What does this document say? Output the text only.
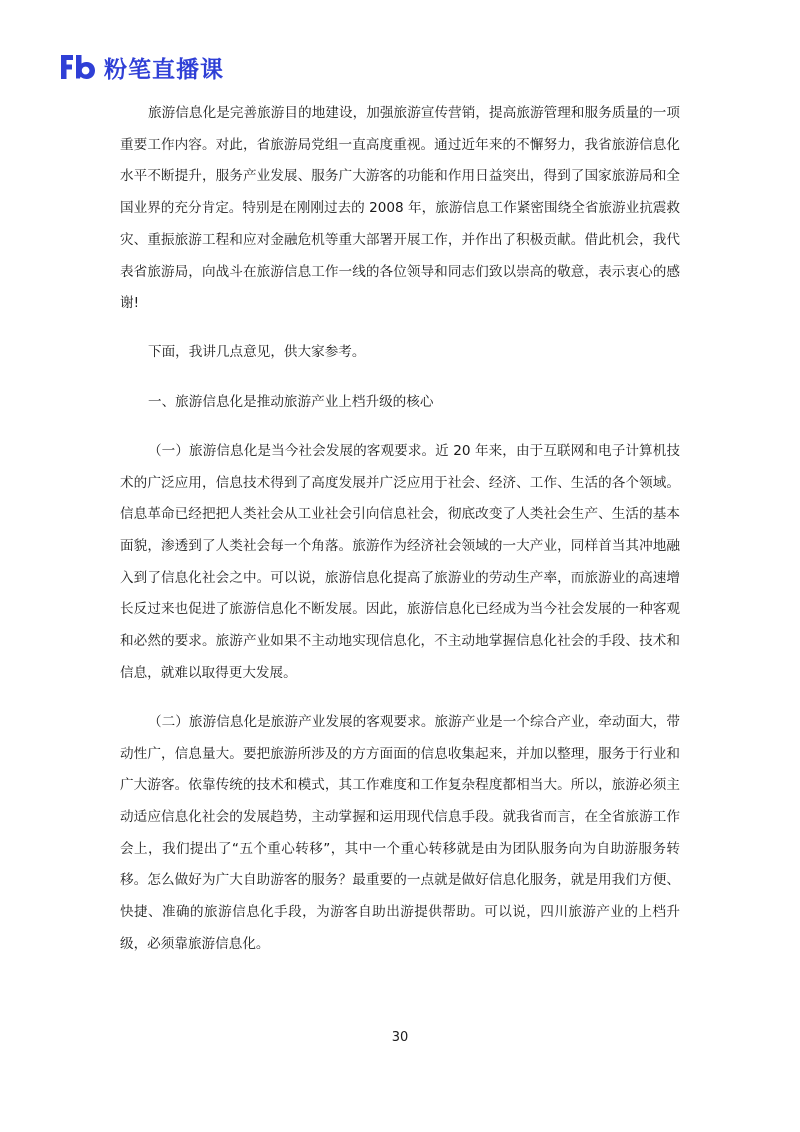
粉笔直播课

旅游信息化是完善旅游目的地建设，加强旅游宣传营销，提高旅游管理和服务质量的一项重要工作内容。对此，省旅游局党组一直高度重视。通过近年来的不懈努力，我省旅游信息化水平不断提升，服务产业发展、服务广大游客的功能和作用日益突出，得到了国家旅游局和全国业界的充分肯定。特别是在刚刚过去的 2008 年，旅游信息工作紧密围绕全省旅游业抗震救灾、重振旅游工程和应对金融危机等重大部署开展工作，并作出了积极贡献。借此机会，我代表省旅游局，向战斗在旅游信息工作一线的各位领导和同志们致以崇高的敬意，表示衷心的感谢!

下面，我讲几点意见，供大家参考。

一、旅游信息化是推动旅游产业上档升级的核心

（一）旅游信息化是当今社会发展的客观要求。近 20 年来，由于互联网和电子计算机技术的广泛应用，信息技术得到了高度发展并广泛应用于社会、经济、工作、生活的各个领域。信息革命已经把把人类社会从工业社会引向信息社会，彻底改变了人类社会生产、生活的基本面貌，渗透到了人类社会每一个角落。旅游作为经济社会领域的一大产业，同样首当其冲地融入到了信息化社会之中。可以说，旅游信息化提高了旅游业的劳动生产率，而旅游业的高速增长反过来也促进了旅游信息化不断发展。因此，旅游信息化已经成为当今社会发展的一种客观和必然的要求。旅游产业如果不主动地实现信息化，不主动地掌握信息化社会的手段、技术和信息，就难以取得更大发展。

（二）旅游信息化是旅游产业发展的客观要求。旅游产业是一个综合产业，牵动面大，带动性广，信息量大。要把旅游所涉及的方方面面的信息收集起来，并加以整理，服务于行业和广大游客。依靠传统的技术和模式，其工作难度和工作复杂程度都相当大。所以，旅游必须主动适应信息化社会的发展趋势，主动掌握和运用现代信息手段。就我省而言，在全省旅游工作会上，我们提出了“五个重心转移”，其中一个重心转移就是由为团队服务向为自助游服务转移。怎么做好为广大自助游客的服务？最重要的一点就是做好信息化服务，就是用我们方便、快捷、准确的旅游信息化手段，为游客自助出游提供帮助。可以说，四川旅游产业的上档升级，必须靠旅游信息化。

30
